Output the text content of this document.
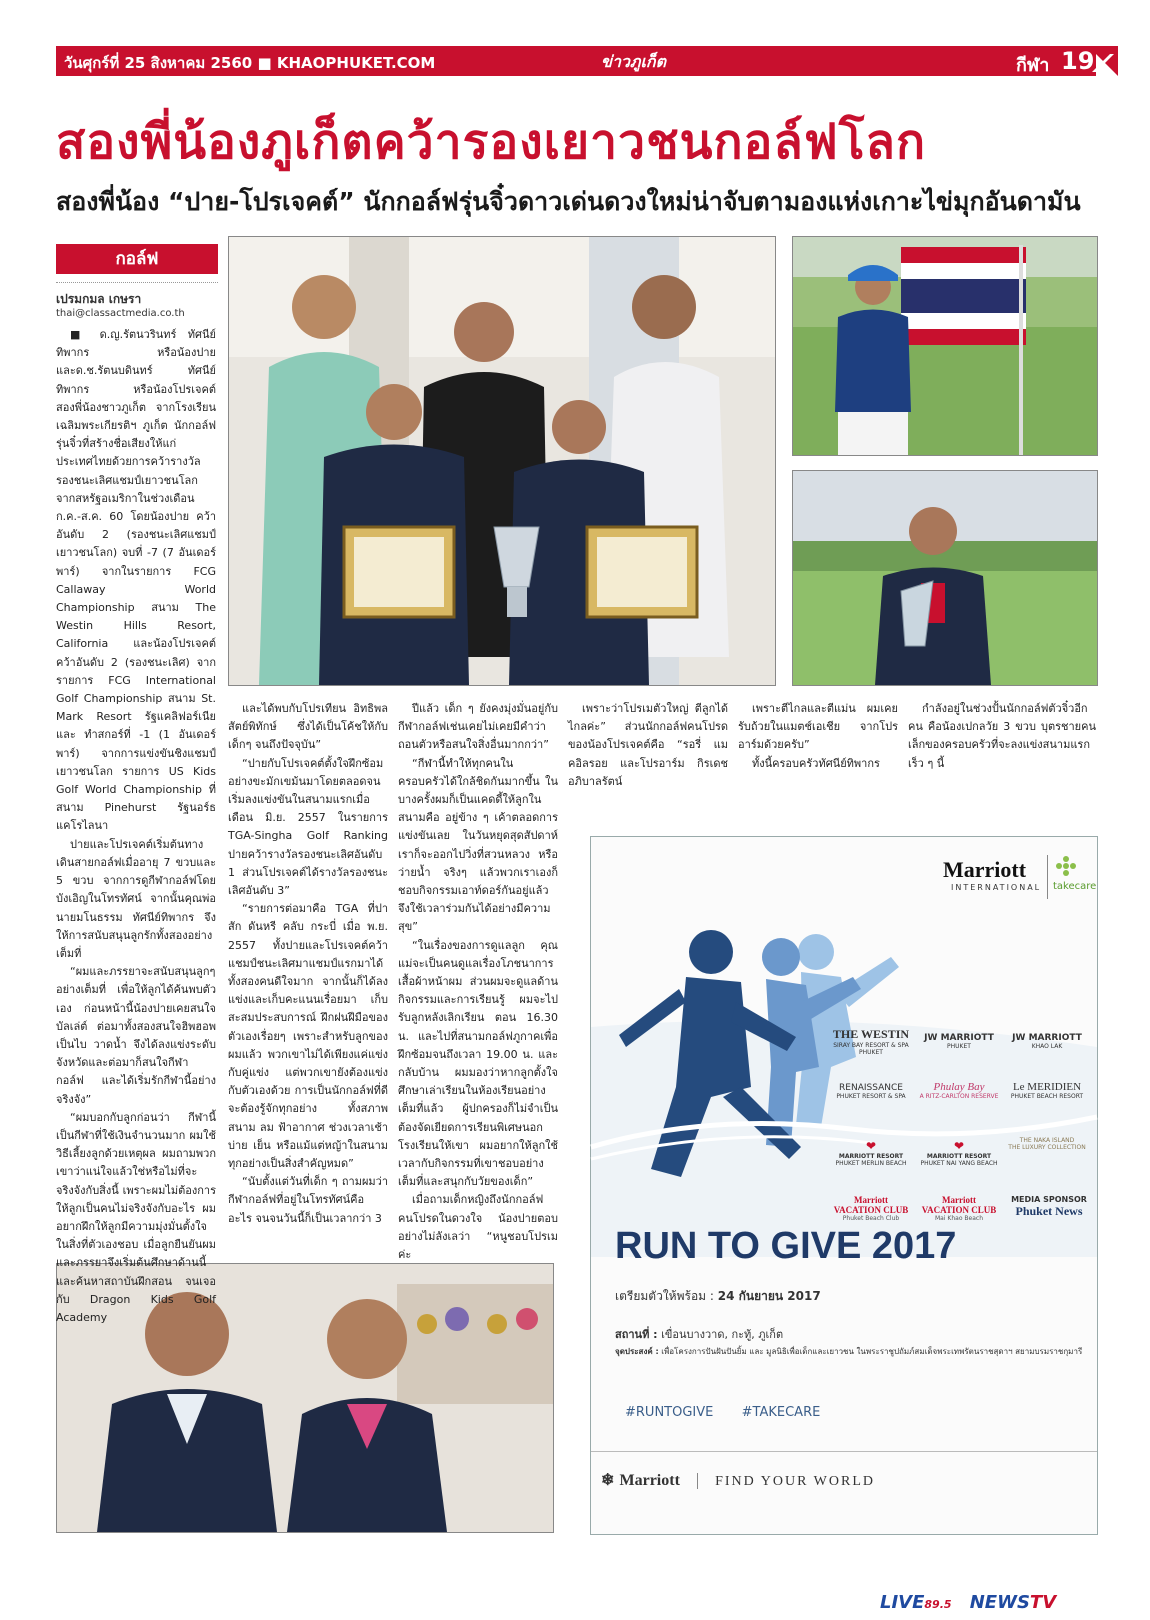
วันศุกร์ที่ 25 สิงหาคม 2560 ■ KHAOPHUKET.COM	ข่าวภูเก็ต	กีฬา 19
สองพี่น้องภูเก็ตคว้ารองเยาวชนกอล์ฟโลก
สองพี่น้อง “ปาย-โปรเจคต์” นักกอล์ฟรุ่นจิ๋วดาวเด่นดวงใหม่น่าจับตามองแห่งเกาะไข่มุกอันดามัน
กอล์ฟ
เปรมกมล เกษรา
thai@classactmedia.co.th

■ ด.ญ.รัตนวรินทร์ ทัศนีย์ทิพากร หรือน้องปาย และด.ช.รัตนบดินทร์ ทัศนีย์ทิพากร หรือน้องโปรเจคต์ สองพี่น้องชาวภูเก็ต จากโรงเรียนเฉลิมพระเกียรติฯ ภูเก็ต นักกอล์ฟรุ่นจิ๋วที่สร้างชื่อเสียงให้แก่ประเทศไทยด้วยการคว้ารางวัลรองชนะเลิศแชมป์เยาวชนโลกจากสหรัฐอเมริกาในช่วงเดือน ก.ค.-ส.ค. 60 โดยน้องปาย คว้าอันดับ 2 (รองชนะเลิศแชมป์เยาวชนโลก) จบที่ -7 (7 อันเดอร์พาร์) จากในรายการ FCG Callaway World Championship สนาม The Westin Hills Resort, California และน้องโปรเจคต์ คว้าอันดับ 2 (รองชนะเลิศ) จากรายการ FCG International Golf Championship สนาม St. Mark Resort รัฐแคลิฟอร์เนีย และ ทำสกอร์ที่ -1 (1 อันเดอร์พาร์) จากการแข่งขันชิงแชมป์เยาวชนโลก รายการ US Kids Golf World Championship ที่สนาม Pinehurst รัฐนอร์ธ แคโรไลนา

ปายและโปรเจคต์เริ่มต้นทางเดินสายกอล์ฟเมื่ออายุ 7 ขวบและ 5 ขวบ จากการดูกีฬากอล์ฟโดยบังเอิญในโทรทัศน์ จากนั้นคุณพ่อ นายมโนธรรม ทัศนีย์ทิพากร จึงให้การสนับสนุนลูกรักทั้งสองอย่างเต็มที่

“ผมและภรรยาจะสนับสนุนลูกๆอย่างเต็มที่ เพื่อให้ลูกได้ค้นพบตัวเอง ก่อนหน้านี้น้องปายเคยสนใจบัลเล่ต์ ต่อมาทั้งสองสนใจฮิพฮอพ เป็นไบ วาดน้ำ จึงได้ลงแข่งระดับจังหวัดและต่อมาก็สนใจกีฬากอล์ฟ และได้เริ่มรักกีฬานี้อย่างจริงจัง”

“ผมบอกกับลูกก่อนว่า กีฬานี้เป็นกีฬาที่ใช้เงินจำนวนมาก ผมใช้วิธีเลี้ยงลูกด้วยเหตุผล ผมถามพวกเขาว่าแน่ใจแล้วใช่หรือไม่ที่จะจริงจังกับสิ่งนี้ เพราะผมไม่ต้องการให้ลูกเป็นคนไม่จริงจังกับอะไร ผมอยากฝึกให้ลูกมีความมุ่งมั่นตั้งใจในสิ่งที่ตัวเองชอบ เมื่อลูกยืนยันผมและภรรยาจึงเริ่มต้นศึกษาด้านนี้ และค้นหาสถาบันฝึกสอน จนเจอกับ Dragon Kids Golf Academy

และได้พบกับโปรเทียน อิทธิพล สัตย์พิทักษ์ ซึ่งได้เป็นโค้ชให้กับเด็กๆ จนถึงปัจจุบัน”

“ปายกับโปรเจคต์ตั้งใจฝึกซ้อมอย่างขะมักเขม้นมาโดยตลอดจนเริ่มลงแข่งขันในสนามแรกเมื่อเดือน มิ.ย. 2557 ในรายการ TGA-Singha Golf Ranking ปายคว้ารางวัลรองชนะเลิศอันดับ 1 ส่วนโปรเจคต์ได้รางวัลรองชนะเลิศอันดับ 3”

“รายการต่อมาคือ TGA ที่ปาสัก ดันหรี คลับ กระบี่ เมื่อ พ.ย. 2557 ทั้งปายและโปรเจคต์คว้าแชมป์ชนะเลิศมาแชมป์แรกมาได้ทั้งสองคนดีใจมาก จากนั้นก็ได้ลงแข่งและเก็บคะแนนเรื่อยมา เก็บสะสมประสบการณ์ ฝึกฝนฝีมือของตัวเองเรื่อยๆ เพราะสำหรับลูกของผมแล้ว พวกเขาไม่ได้เพียงแค่แข่งกับคู่แข่ง แต่พวกเขายังต้องแข่งกับตัวเองด้วย การเป็นนักกอล์ฟที่ดีจะต้องรู้จักทุกอย่าง ทั้งสภาพสนาม ลม ฟ้าอากาศ ช่วงเวลาเช้า บ่าย เย็น หรือแม้แต่หญ้าในสนาม ทุกอย่างเป็นสิ่งสำคัญหมด”

“นับตั้งแต่วันที่เด็ก ๆ ถามผมว่ากีฬากอล์ฟที่อยู่ในโทรทัศน์คืออะไร จนจนวันนี้ก็เป็นเวลากว่า 3

ปีแล้ว เด็ก ๆ ยังคงมุ่งมั่นอยู่กับกีฬากอล์ฟเช่นเคยไม่เคยมีคำว่าถอนตัวหรือสนใจสิ่งอื่นมากกว่า”

“กีฬานี้ทำให้ทุกคนในครอบครัวได้ใกล้ชิดกันมากขึ้น ในบางครั้งผมก็เป็นแคดดี้ให้ลูกในสนามคือ อยู่ข้าง ๆ เค้าตลอดการแข่งขันเลย ในวันหยุดสุดสัปดาห์เราก็จะออกไปวิ่งที่สวนหลวง หรือว่ายน้ำ จริงๆ แล้วพวกเราเองก็ชอบกิจกรรมเอาท์ดอร์กันอยู่แล้ว จึงใช้เวลาร่วมกันได้อย่างมีความสุข”

“ในเรื่องของการดูแลลูก คุณแม่จะเป็นคนดูแลเรื่องโภชนาการ เสื้อผ้าหน้าผม ส่วนผมจะดูแลด้านกิจกรรมและการเรียนรู้ ผมจะไปรับลูกหลังเลิกเรียน ตอน 16.30 น. และไปที่สนามกอล์ฟภูกาคเพื่อฝึกซ้อมจนถึงเวลา 19.00 น. และกลับบ้าน ผมมองว่าหากลูกตั้งใจศึกษาเล่าเรียนในห้องเรียนอย่างเต็มที่แล้ว ผู้ปกครองก็ไม่จำเป็นต้องจัดเยียดการเรียนพิเศษนอกโรงเรียนให้เขา ผมอยากให้ลูกใช้เวลากับกิจกรรมที่เขาชอบอย่างเต็มที่และสนุกกับวัยของเด็ก”

เมื่อถามเด็กหญิงถึงนักกอล์ฟคนโปรดในดวงใจ น้องปายตอบอย่างไม่ลังเลว่า “หนูชอบโปรเมค่ะ

เพราะว่าโปรเมตัวใหญ่ ตีลูกได้ไกลค่ะ” ส่วนนักกอล์ฟคนโปรดของน้องโปรเจคต์คือ “รอรี่ แมคอิลรอย และโปรอาร์ม กิรเดช อภิบาลรัตน์

เพราะตีไกลและตีแม่น ผมเคยรับถ้วยในแมตช์เอเชีย จากโปรอาร์มด้วยครับ”

ทั้งนี้ครอบครัวทัศนีย์ทิพากร

กำลังอยู่ในช่วงปั้นนักกอล์ฟตัวจิ๋วอีกคน คือน้องเปกลวัย 3 ขวบ บุตรชายคนเล็กของครอบครัวที่จะลงแข่งสนามแรกเร็ว ๆ นี้

Marriott
INTERNATIONAL takecare
THE WESTIN
SIRAY BAY RESORT & SPA PHUKET
JW MARRIOTT
PHUKET
JW MARRIOTT
KHAO LAK
RENAISSANCE
PHUKET RESORT & SPA
Phulay Bay
A RITZ-CARLTON RESERVE
Le MERIDIEN
PHUKET BEACH RESORT
❤
MARRIOTT RESORT
PHUKET MERLIN BEACH
❤
MARRIOTT RESORT
PHUKET NAI YANG BEACH
THE NAKA ISLAND
THE LUXURY COLLECTION
Marriott VACATION CLUB
Phuket Beach Club
Marriott VACATION CLUB
Mai Khao Beach
MEDIA SPONSOR
Phuket News
RUN TO GIVE 2017
เตรียมตัวให้พร้อม : 24 กันยายน 2017
สถานที่ : เขื่อนบางวาด, กะทู้, ภูเก็ต
จุดประสงค์ : เพื่อโครงการปันฝันปันยิ้ม และ มูลนิธิเพื่อเด็กและเยาวชน ในพระราชูปถัมภ์สมเด็จพระเทพรัตนราชสุดาฯ สยามบรมราชกุมารี
#RUNTOGIVE #TAKECARE
❄ Marriott	FIND YOUR WORLD
LIVE89.5 NEWSTV
